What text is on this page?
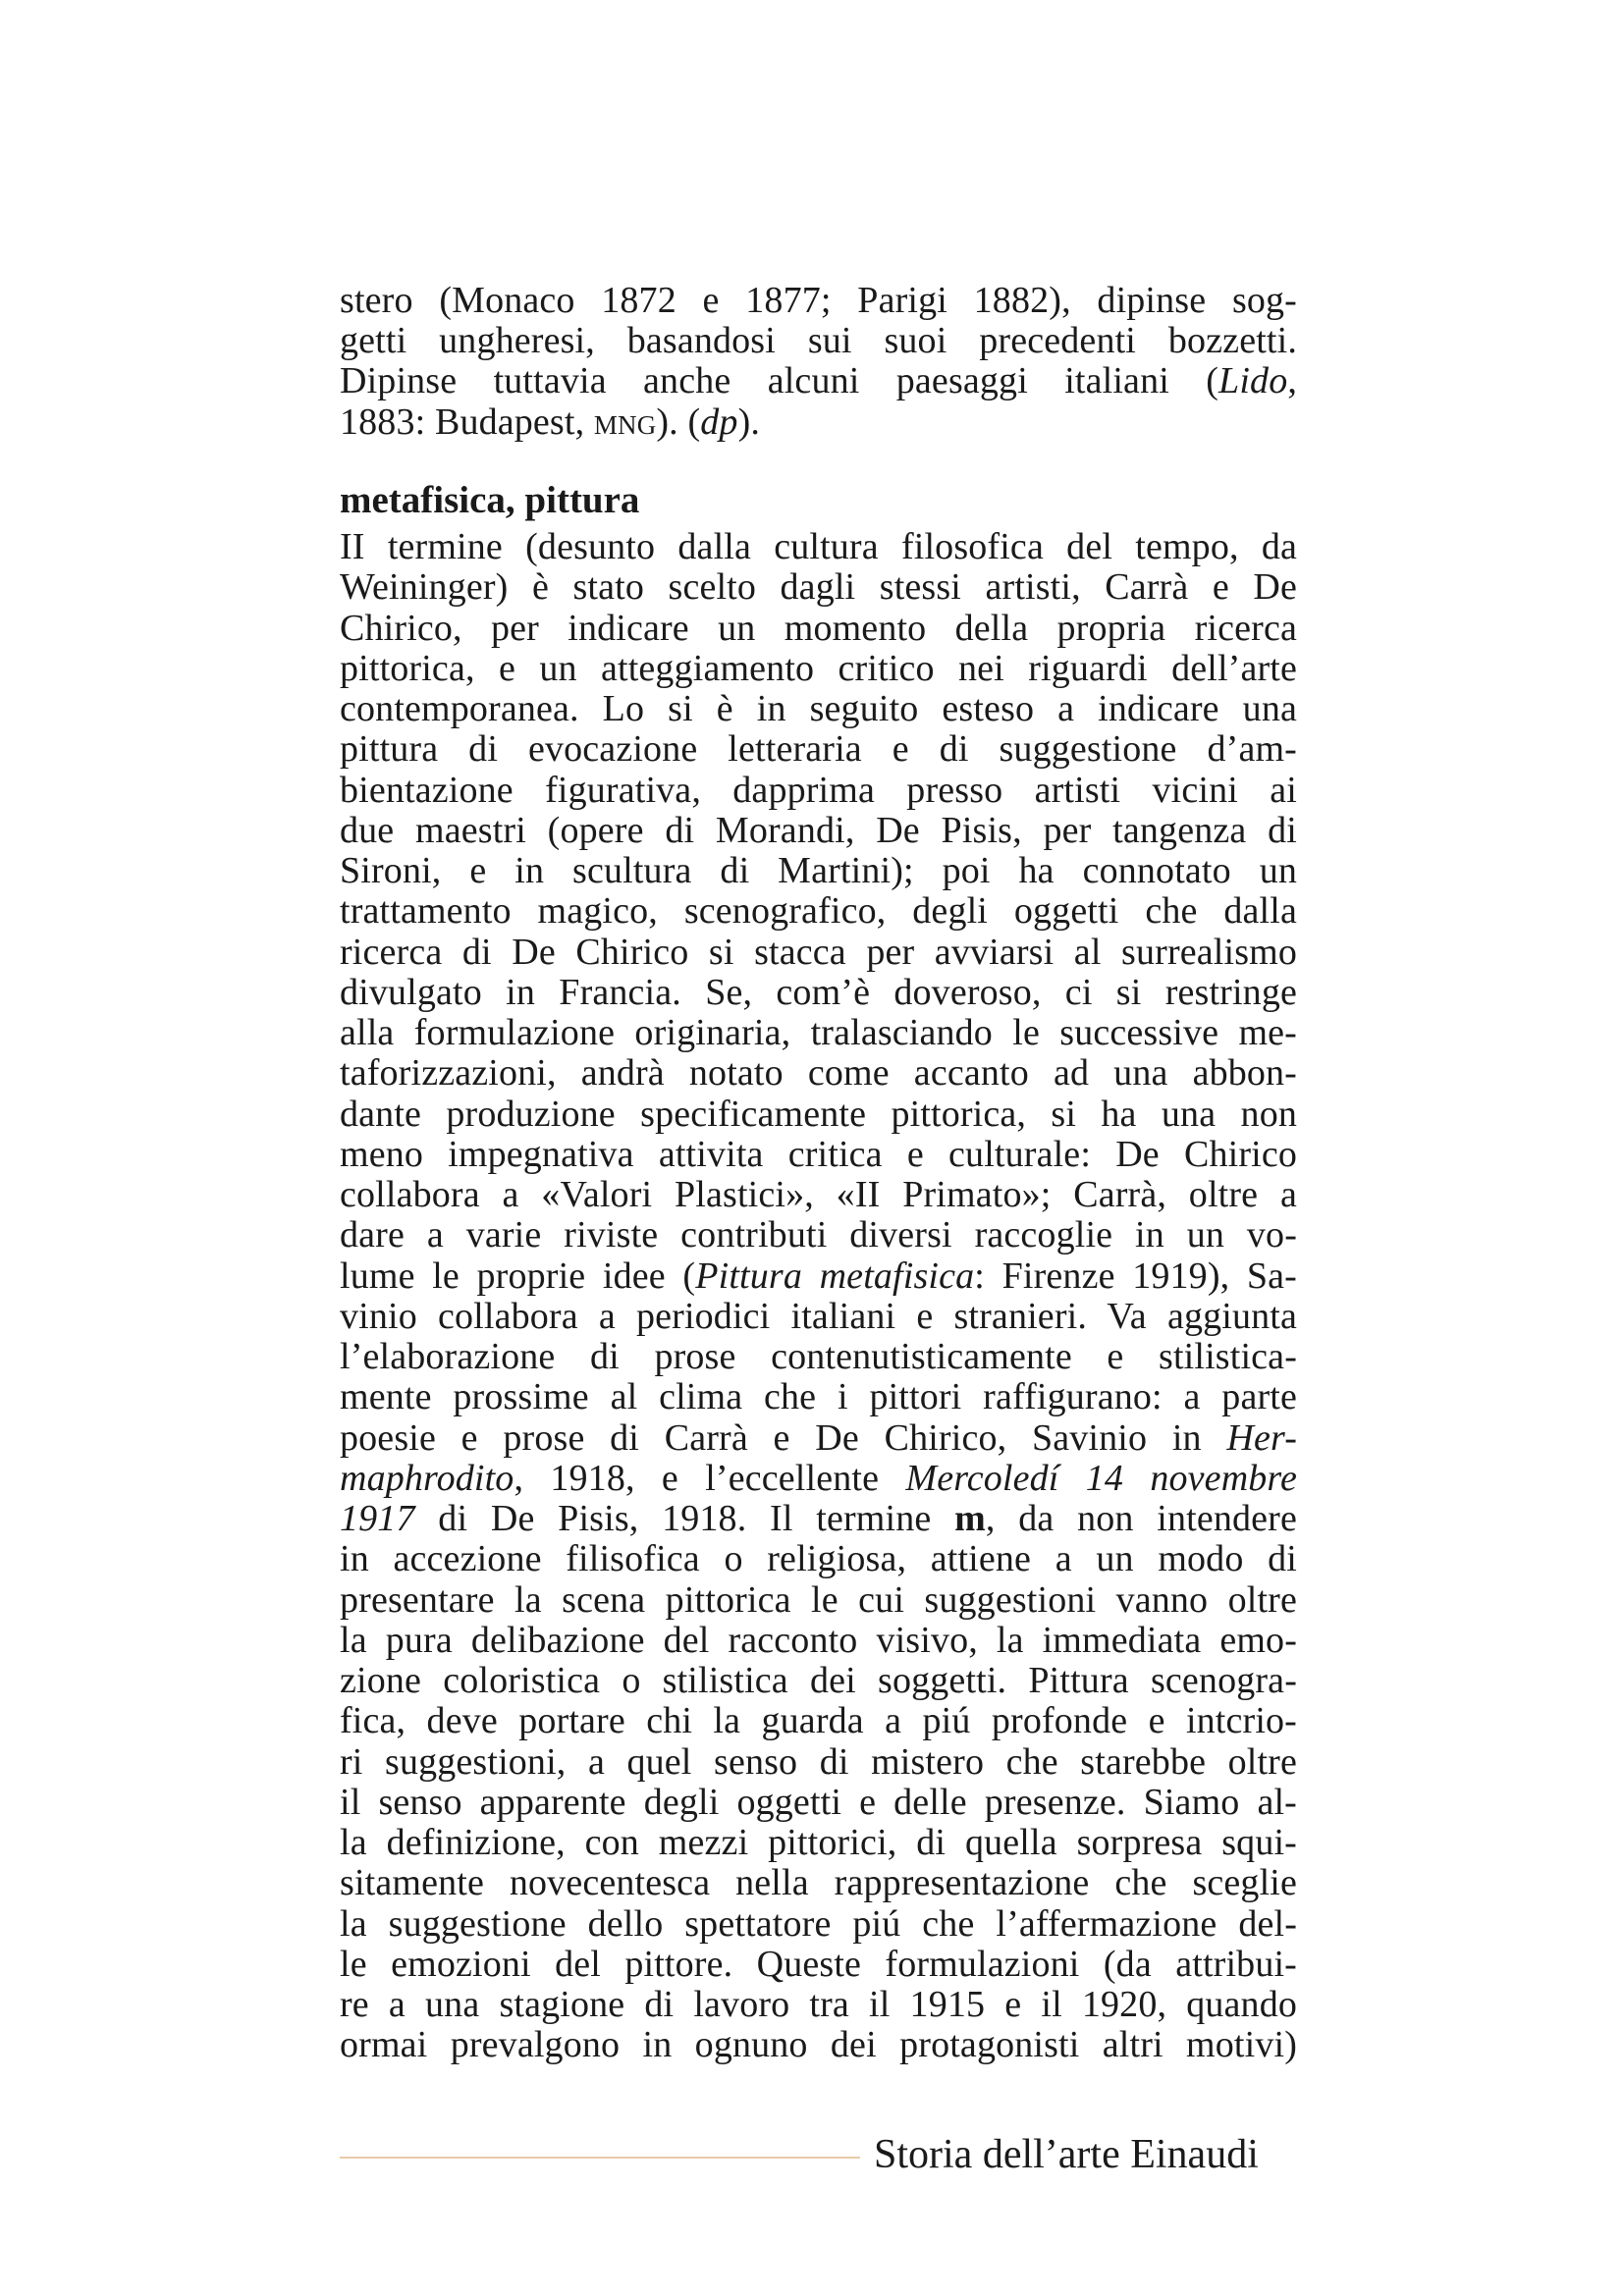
stero (Monaco 1872 e 1877; Parigi 1882), dipinse sog-
getti ungheresi, basandosi sui suoi precedenti bozzetti.
Dipinse tuttavia anche alcuni paesaggi italiani (Lido,
1883: Budapest, mng). (dp).
metafisica, pittura
II termine (desunto dalla cultura filosofica del tempo, da
Weininger) è stato scelto dagli stessi artisti, Carrà e De
Chirico, per indicare un momento della propria ricerca
pittorica, e un atteggiamento critico nei riguardi dell’arte
contemporanea. Lo si è in seguito esteso a indicare una
pittura di evocazione letteraria e di suggestione d’am-
bientazione figurativa, dapprima presso artisti vicini ai
due maestri (opere di Morandi, De Pisis, per tangenza di
Sironi, e in scultura di Martini); poi ha connotato un
trattamento magico, scenografico, degli oggetti che dalla
ricerca di De Chirico si stacca per avviarsi al surrealismo
divulgato in Francia. Se, com’è doveroso, ci si restringe
alla formulazione originaria, tralasciando le successive me-
taforizzazioni, andrà notato come accanto ad una abbon-
dante produzione specificamente pittorica, si ha una non
meno impegnativa attivita critica e culturale: De Chirico
collabora a «Valori Plastici», «II Primato»; Carrà, oltre a
dare a varie riviste contributi diversi raccoglie in un vo-
lume le proprie idee (Pittura metafisica: Firenze 1919), Sa-
vinio collabora a periodici italiani e stranieri. Va aggiunta
l’elaborazione di prose contenutisticamente e stilistica-
mente prossime al clima che i pittori raffigurano: a parte
poesie e prose di Carrà e De Chirico, Savinio in Her-
maphrodito, 1918, e l’eccellente Mercoledí 14 novembre
1917 di De Pisis, 1918. Il termine m, da non intendere
in accezione filisofica o religiosa, attiene a un modo di
presentare la scena pittorica le cui suggestioni vanno oltre
la pura delibazione del racconto visivo, la immediata emo-
zione coloristica o stilistica dei soggetti. Pittura scenogra-
fica, deve portare chi la guarda a piú profonde e intcrio-
ri suggestioni, a quel senso di mistero che starebbe oltre
il senso apparente degli oggetti e delle presenze. Siamo al-
la definizione, con mezzi pittorici, di quella sorpresa squi-
sitamente novecentesca nella rappresentazione che sceglie
la suggestione dello spettatore piú che l’affermazione del-
le emozioni del pittore. Queste formulazioni (da attribui-
re a una stagione di lavoro tra il 1915 e il 1920, quando
ormai prevalgono in ognuno dei protagonisti altri motivi)
Storia dell’arte Einaudi
